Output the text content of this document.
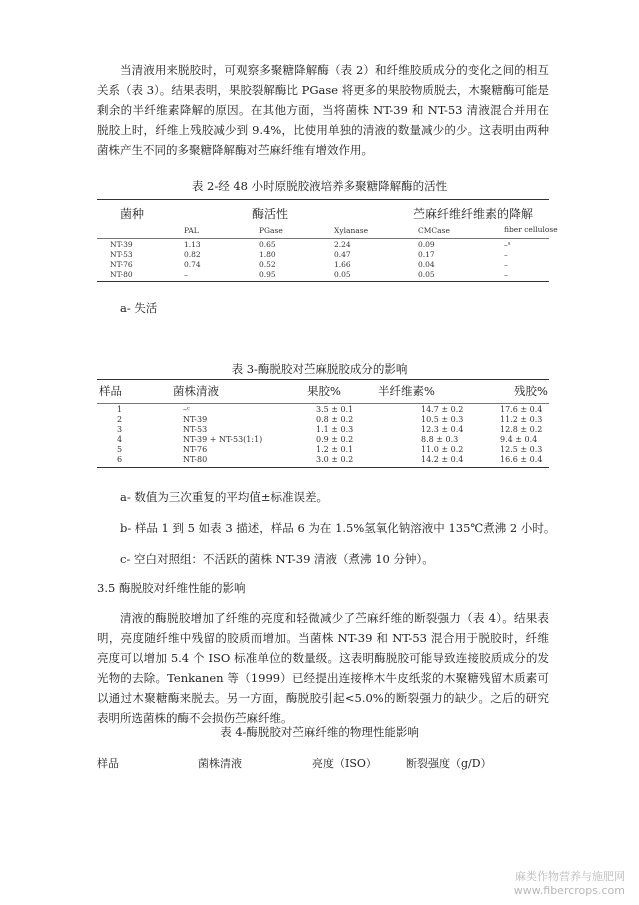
当清液用来脱胶时，可观察多聚糖降解酶（表 2）和纤维胶质成分的变化之间的相互关系（表 3）。结果表明，果胶裂解酶比 PGase 将更多的果胶物质脱去，木聚糖酶可能是剩余的半纤维素降解的原因。在其他方面，当将菌株 NT-39 和 NT-53 清液混合并用在脱胶上时，纤维上残胶减少到 9.4%，比使用单独的清液的数量减少的少。这表明由两种菌株产生不同的多聚糖降解酶对苎麻纤维有增效作用。

表 2-经 48 小时原脱胶液培养多聚糖降解酶的活性

菌种	酶活性	苎麻纤维纤维素的降解
PAL	PGase	Xylanase	CMCase	fiber cellulose
NT-39	1.13	0.65	2.24	0.09	–ᵃ
NT-53	0.82	1.80	0.47	0.17	–
NT-76	0.74	0.52	1.66	0.04	–
NT-80	–	0.95	0.05	0.05	–

a- 失活

表 3-酶脱胶对苎麻脱胶成分的影响

样品	菌株清液	果胶%	半纤维素%	残胶%
1	–ᶜ	3.5 ± 0.1	14.7 ± 0.2	17.6 ± 0.4
2	NT-39	0.8 ± 0.2	10.5 ± 0.3	11.2 ± 0.3
3	NT-53	1.1 ± 0.3	12.3 ± 0.4	12.8 ± 0.2
4	NT-39 + NT-53(1:1)	0.9 ± 0.2	8.8 ± 0.3	9.4 ± 0.4
5	NT-76	1.2 ± 0.1	11.0 ± 0.2	12.5 ± 0.3
6	NT-80	3.0 ± 0.2	14.2 ± 0.4	16.6 ± 0.4

a- 数值为三次重复的平均值±标准误差。

b- 样品 1 到 5 如表 3 描述，样品 6 为在 1.5%氢氧化钠溶液中 135℃煮沸 2 小时。

c- 空白对照组：不活跃的菌株 NT-39 清液（煮沸 10 分钟）。

3.5 酶脱胶对纤维性能的影响

清液的酶脱胶增加了纤维的亮度和轻微减少了苎麻纤维的断裂强力（表 4）。结果表明，亮度随纤维中残留的胶质而增加。当菌株 NT-39 和 NT-53 混合用于脱胶时，纤维亮度可以增加 5.4 个 ISO 标准单位的数量级。这表明酶脱胶可能导致连接胶质成分的发光物的去除。Tenkanen 等（1999）已经提出连接桦木牛皮纸浆的木聚糖残留木质素可以通过木聚糖酶来脱去。另一方面，酶脱胶引起<5.0%的断裂强力的缺少。之后的研究表明所选菌株的酶不会损伤苎麻纤维。

表 4-酶脱胶对苎麻纤维的物理性能影响

样品	菌株清液	亮度（ISO）	断裂强度（g/D）
麻类作物营养与施肥网
www.fibercrops.com
